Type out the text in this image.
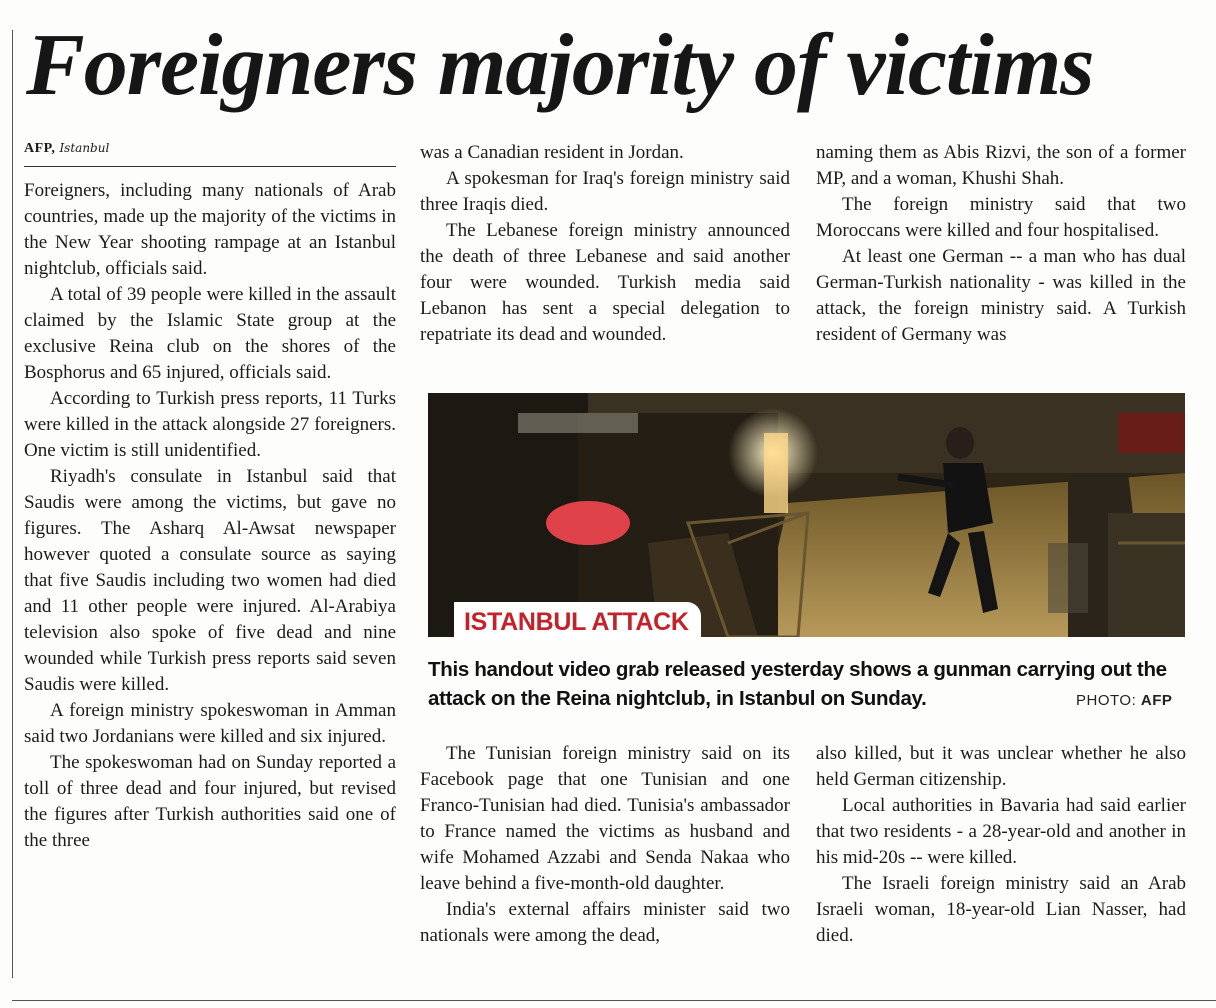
Foreigners majority of victims
AFP, Istanbul

Foreigners, including many nationals of Arab countries, made up the majority of the victims in the New Year shooting rampage at an Istanbul nightclub, officials said.

A total of 39 people were killed in the assault claimed by the Islamic State group at the exclusive Reina club on the shores of the Bosphorus and 65 injured, officials said.

According to Turkish press reports, 11 Turks were killed in the attack alongside 27 foreigners. One victim is still unidentified.

Riyadh's consulate in Istanbul said that Saudis were among the victims, but gave no figures. The Asharq Al-Awsat newspaper however quoted a consulate source as saying that five Saudis including two women had died and 11 other people were injured. Al-Arabiya television also spoke of five dead and nine wounded while Turkish press reports said seven Saudis were killed.

A foreign ministry spokeswoman in Amman said two Jordanians were killed and six injured.

The spokeswoman had on Sunday reported a toll of three dead and four injured, but revised the figures after Turkish authorities said one of the three

was a Canadian resident in Jordan.

A spokesman for Iraq's foreign ministry said three Iraqis died.

The Lebanese foreign ministry announced the death of three Lebanese and said another four were wounded. Turkish media said Lebanon has sent a special delegation to repatriate its dead and wounded.

naming them as Abis Rizvi, the son of a former MP, and a woman, Khushi Shah.

The foreign ministry said that two Moroccans were killed and four hospitalised.

At least one German -- a man who has dual German-Turkish nationality - was killed in the attack, the foreign ministry said. A Turkish resident of Germany was

ISTANBUL ATTACK
This handout video grab released yesterday shows a gunman carrying out the attack on the Reina nightclub, in Istanbul on Sunday.	PHOTO: AFP

The Tunisian foreign ministry said on its Facebook page that one Tunisian and one Franco-Tunisian had died. Tunisia's ambassador to France named the victims as husband and wife Mohamed Azzabi and Senda Nakaa who leave behind a five-month-old daughter.

India's external affairs minister said two nationals were among the dead,

also killed, but it was unclear whether he also held German citizenship.

Local authorities in Bavaria had said earlier that two residents - a 28-year-old and another in his mid-20s -- were killed.

The Israeli foreign ministry said an Arab Israeli woman, 18-year-old Lian Nasser, had died.
